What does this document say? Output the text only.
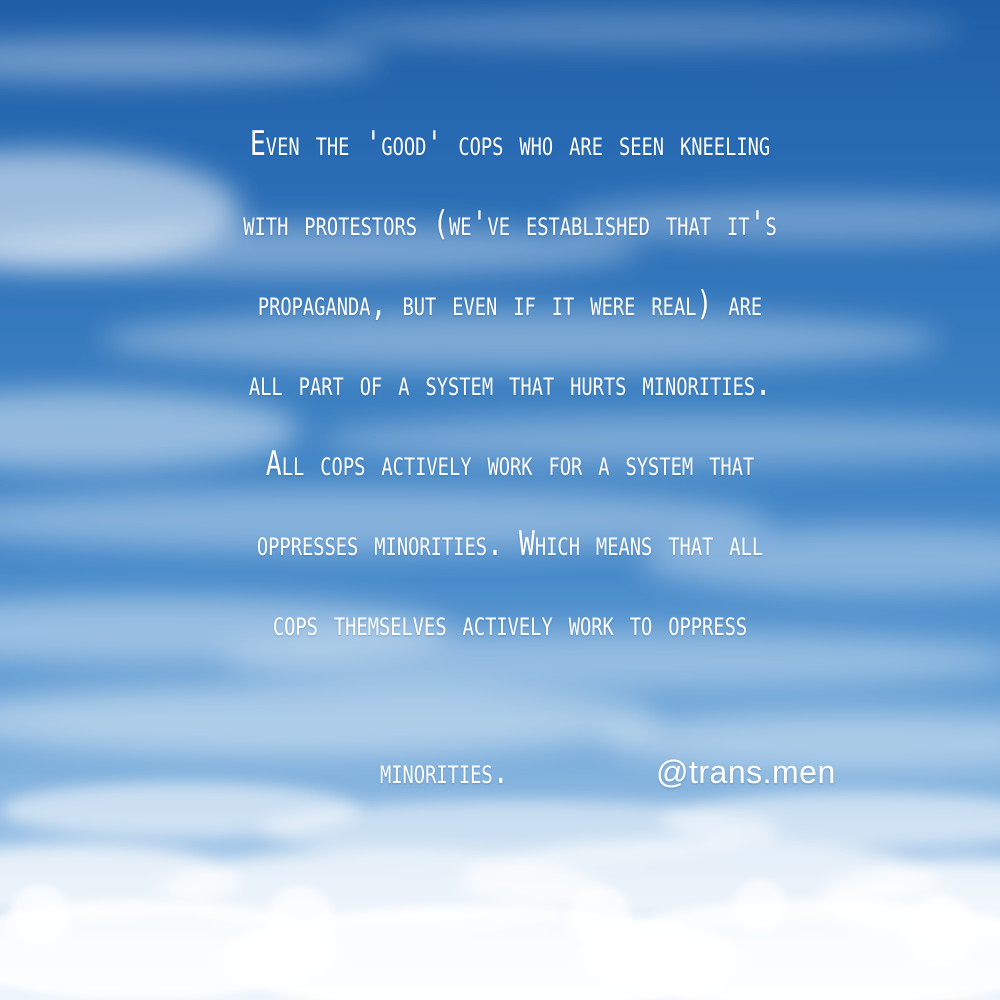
Even the 'good' cops who are seen kneeling
with protestors (we've established that it's
propaganda, but even if it were real) are
all part of a system that hurts minorities.
All cops actively work for a system that
oppresses minorities. Which means that all
cops themselves actively work to oppress
minorities.	@trans.men
